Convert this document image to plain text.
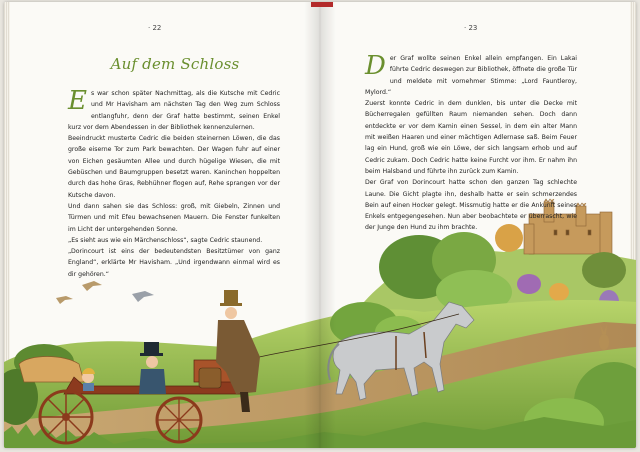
· 22
Auf dem Schloss

Es war schon später Nachmittag, als die Kutsche mit Cedric und Mr Havisham am nächsten Tag den Weg zum Schloss entlangfuhr, denn der Graf hatte bestimmt, seinen Enkel kurz vor dem Abendessen in der Bibliothek kennenzulernen.

Beeindruckt musterte Cedric die beiden steinernen Löwen, die das große eiserne Tor zum Park bewachten. Der Wagen fuhr auf einer von Eichen gesäumten Allee und durch hügelige Wiesen, die mit Gebüschen und Baumgruppen besetzt waren. Kaninchen hoppelten durch das hohe Gras, Rebhühner flogen auf, Rehe sprangen vor der Kutsche davon.

Und dann sahen sie das Schloss: groß, mit Giebeln, Zinnen und Türmen und mit Efeu bewachsenen Mauern. Die Fenster funkelten im Licht der untergehenden Sonne.

„Es sieht aus wie ein Märchenschloss“, sagte Cedric staunend.

„Dorincourt ist eins der bedeutendsten Besitztümer von ganz England“, erklärte Mr Havisham. „Und irgendwann einmal wird es dir gehören.“

· 23

Der Graf wollte seinen Enkel allein empfangen. Ein Lakai führte Cedric deswegen zur Bibliothek, öffnete die große Tür und meldete mit vornehmer Stimme: „Lord Fauntleroy, Mylord.“

Zuerst konnte Cedric in dem dunklen, bis unter die Decke mit Bücherregalen gefüllten Raum niemanden sehen. Doch dann entdeckte er vor dem Kamin einen Sessel, in dem ein alter Mann mit weißen Haaren und einer mächtigen Adlernase saß. Beim Feuer lag ein Hund, groß wie ein Löwe, der sich langsam erhob und auf Cedric zukam. Doch Cedric hatte keine Furcht vor ihm. Er nahm ihn beim Halsband und führte ihn zurück zum Kamin.

Der Graf von Dorincourt hatte schon den ganzen Tag schlechte Laune. Die Gicht plagte ihn, deshalb hatte er sein schmerzendes Bein auf einen Hocker gelegt. Missmutig hatte er die Ankunft seines Enkels entgegengesehen. Nun aber beobachtete er überrascht, wie der Junge den Hund zu ihm brachte.
